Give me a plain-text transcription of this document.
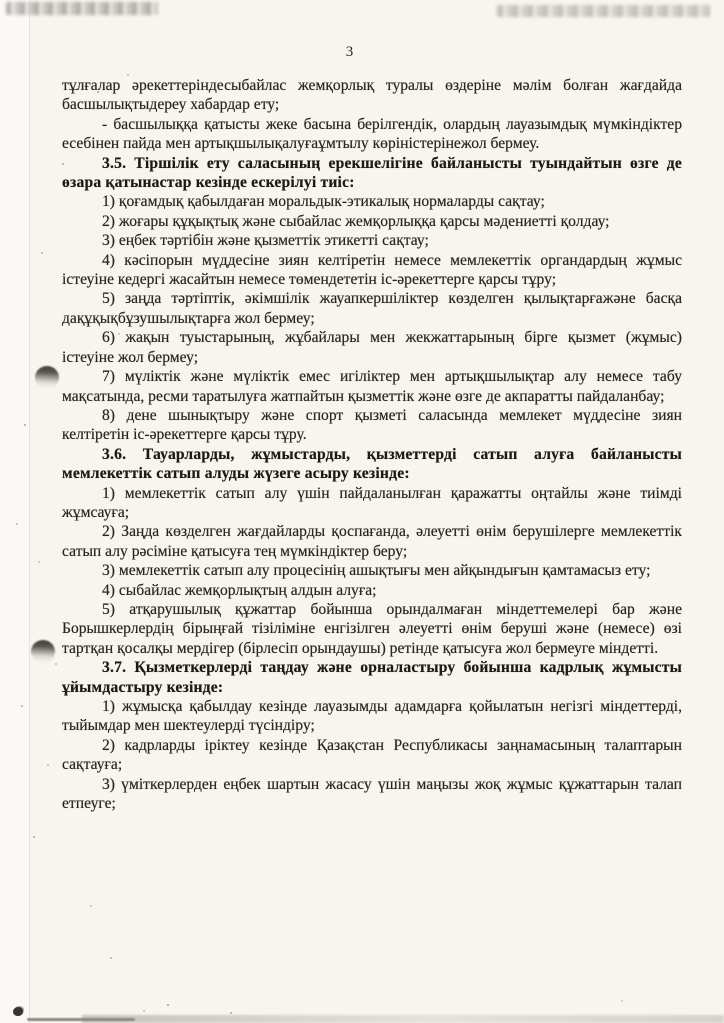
3

тұлғалар әрекеттеріндесыбайлас жемқорлық туралы өздеріне мәлім болған жағдайда басшылықтыдереу хабардар ету;

- басшылыққа қатысты жеке басына берілгендік, олардың лауазымдық мүмкіндіктер есебінен пайда мен артықшылықалуғаұмтылу көріністерінежол бермеу.

3.5. Тіршілік ету саласының ерекшелігіне байланысты туындайтын өзге де өзара қатынастар кезінде ескерілуі тиіс:

1) қоғамдық қабылдаған моральдык-этикалық нормаларды сақтау;

2) жоғары құқықтық және сыбайлас жемқорлыққа қарсы мәдениетті қолдау;

3) еңбек тәртібін және қызметтік этикетті сақтау;

4) кәсіпорын мүддесіне зиян келтіретін немесе мемлекеттік органдардың жұмыс істеуіне кедергі жасайтын немесе төмендететін іс-әрекеттерге қарсы тұру;

5) заңда тәртіптік, әкімшілік жауапкершіліктер көзделген қылықтарғажәне басқа дақұқықбұзушылықтарға жол бермеу;

6) жақын туыстарының, жұбайлары мен жекжаттарының бірге қызмет (жұмыс) істеуіне жол бермеу;

7) мүліктік және мүліктік емес игіліктер мен артықшылықтар алу немесе табу мақсатында, ресми таратылуға жатпайтын қызметтік және өзге де акпаратты пайдаланбау;

8) дене шынықтыру және спорт қызметі саласында мемлекет мүддесіне зиян келтіретін іс-әрекеттерге қарсы тұру.

3.6. Тауарларды, жұмыстарды, қызметтерді сатып алуға байланысты мемлекеттік сатып алуды жүзеге асыру кезінде:

1) мемлекеттік сатып алу үшін пайдаланылған қаражатты оңтайлы және тиімді жұмсауға;

2) Заңда көзделген жағдайларды қоспағанда, әлеуетті өнім берушілерге мемлекеттік сатып алу рәсіміне қатысуға тең мүмкіндіктер беру;

3) мемлекеттік сатып алу процесінің ашықтығы мен айқындығын қамтамасыз ету;

4) сыбайлас жемқорлықтың алдын алуға;

5) атқарушылық құжаттар бойынша орындалмаған міндеттемелері бар және Борышкерлердің бірыңғай тізіліміне енгізілген әлеуетті өнім беруші және (немесе) өзі тартқан қосалқы мердігер (бірлесіп орындаушы) ретінде қатысуға жол бермеуге міндетті.

3.7. Қызметкерлерді таңдау және орналастыру бойынша кадрлық жұмысты ұйымдастыру кезінде:

1) жұмысқа қабылдау кезінде лауазымды адамдарға қойылатын негізгі міндеттерді, тыйымдар мен шектеулерді түсіндіру;

2) кадрларды іріктеу кезінде Қазақстан Республикасы заңнамасының талаптарын сақтауға;

3) үміткерлерден еңбек шартын жасасу үшін маңызы жоқ жұмыс құжаттарын талап етпеуге;
